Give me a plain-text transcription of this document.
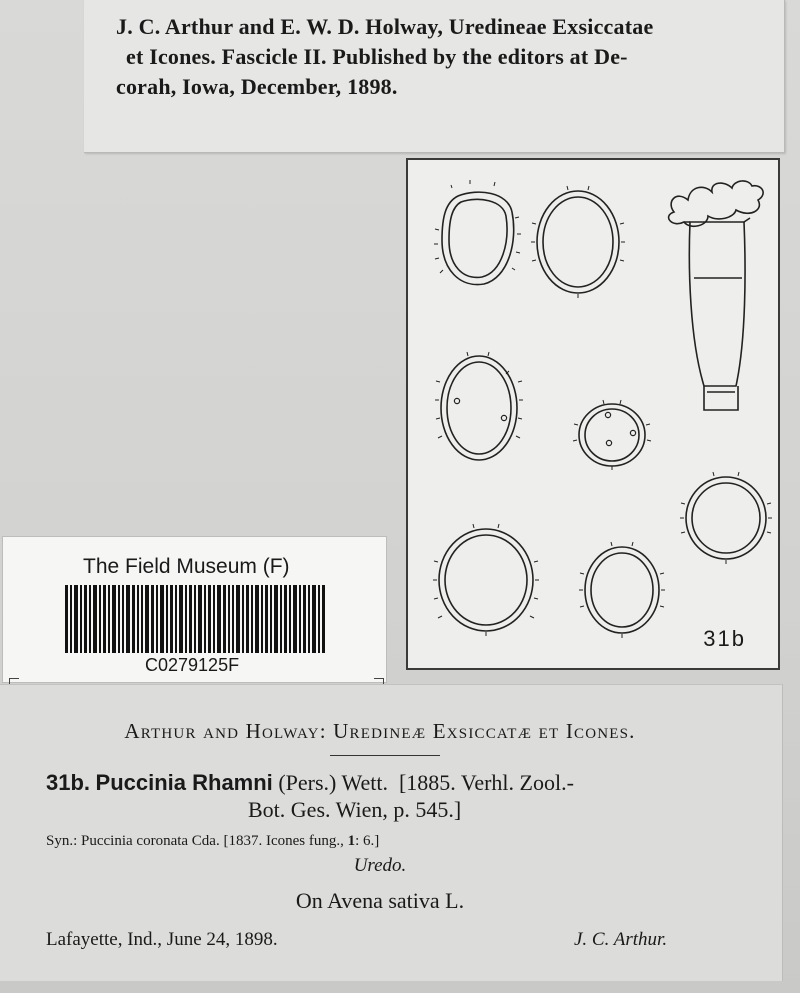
J. C. Arthur and E. W. D. Holway, Uredineae Exsiccatae
et Icones. Fascicle II. Published by the editors at De-
corah, Iowa, December, 1898.

31b
The Field Museum (F)
C0279125F
Arthur and Holway: Uredineæ Exsiccatæ et Icones.
31b. Puccinia Rhamni (Pers.) Wett. [1885. Verhl. Zool.-
Bot. Ges. Wien, p. 545.]
Syn.: Puccinia coronata Cda. [1837. Icones fung., 1: 6.]
Uredo.
On Avena sativa L.
Lafayette, Ind., June 24, 1898.	J. C. Arthur.
